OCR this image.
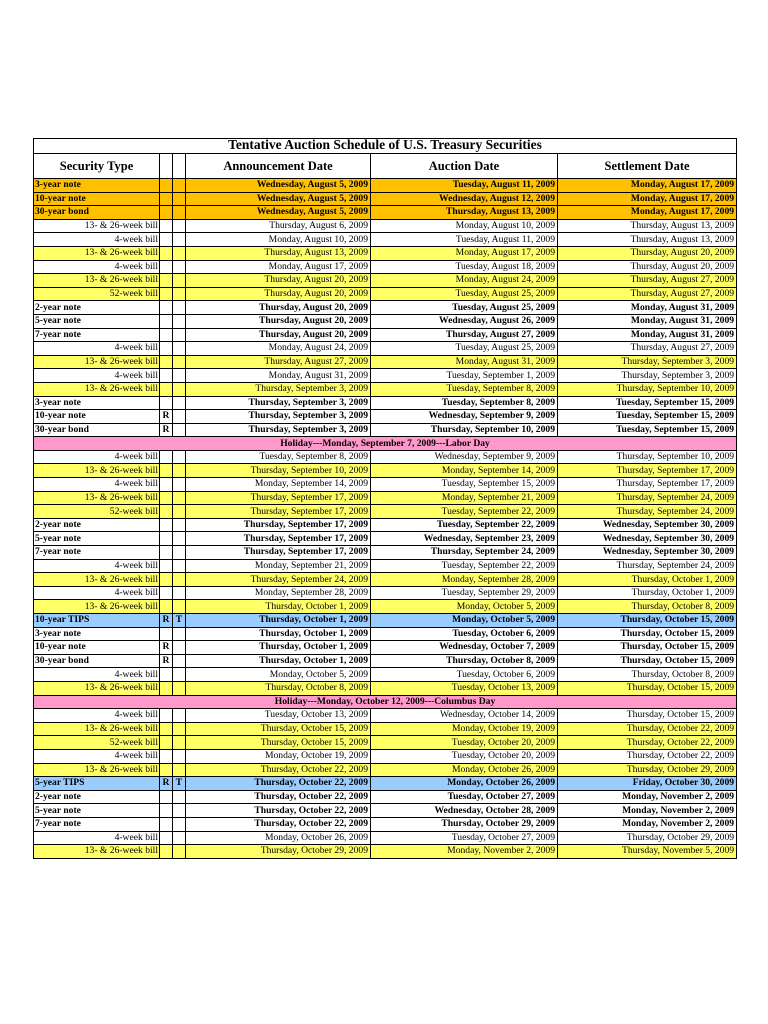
Tentative Auction Schedule of U.S. Treasury Securities					
Security Type			Announcement Date	Auction Date	Settlement Date
3-year note			Wednesday, August 5, 2009	Tuesday, August 11, 2009	Monday, August 17, 2009
10-year note			Wednesday, August 5, 2009	Wednesday, August 12, 2009	Monday, August 17, 2009
30-year bond			Wednesday, August 5, 2009	Thursday, August 13, 2009	Monday, August 17, 2009
13- & 26-week bill			Thursday, August 6, 2009	Monday, August 10, 2009	Thursday, August 13, 2009
4-week bill			Monday, August 10, 2009	Tuesday, August 11, 2009	Thursday, August 13, 2009
13- & 26-week bill			Thursday, August 13, 2009	Monday, August 17, 2009	Thursday, August 20, 2009
4-week bill			Monday, August 17, 2009	Tuesday, August 18, 2009	Thursday, August 20, 2009
13- & 26-week bill			Thursday, August 20, 2009	Monday, August 24, 2009	Thursday, August 27, 2009
52-week bill			Thursday, August 20, 2009	Tuesday, August 25, 2009	Thursday, August 27, 2009
2-year note			Thursday, August 20, 2009	Tuesday, August 25, 2009	Monday, August 31, 2009
5-year note			Thursday, August 20, 2009	Wednesday, August 26, 2009	Monday, August 31, 2009
7-year note			Thursday, August 20, 2009	Thursday, August 27, 2009	Monday, August 31, 2009
4-week bill			Monday, August 24, 2009	Tuesday, August 25, 2009	Thursday, August 27, 2009
13- & 26-week bill			Thursday, August 27, 2009	Monday, August 31, 2009	Thursday, September 3, 2009
4-week bill			Monday, August 31, 2009	Tuesday, September 1, 2009	Thursday, September 3, 2009
13- & 26-week bill			Thursday, September 3, 2009	Tuesday, September 8, 2009	Thursday, September 10, 2009
3-year note			Thursday, September 3, 2009	Tuesday, September 8, 2009	Tuesday, September 15, 2009
10-year note	R		Thursday, September 3, 2009	Wednesday, September 9, 2009	Tuesday, September 15, 2009
30-year bond	R		Thursday, September 3, 2009	Thursday, September 10, 2009	Tuesday, September 15, 2009
Holiday---Monday, September 7, 2009---Labor Day					
4-week bill			Tuesday, September 8, 2009	Wednesday, September 9, 2009	Thursday, September 10, 2009
13- & 26-week bill			Thursday, September 10, 2009	Monday, September 14, 2009	Thursday, September 17, 2009
4-week bill			Monday, September 14, 2009	Tuesday, September 15, 2009	Thursday, September 17, 2009
13- & 26-week bill			Thursday, September 17, 2009	Monday, September 21, 2009	Thursday, September 24, 2009
52-week bill			Thursday, September 17, 2009	Tuesday, September 22, 2009	Thursday, September 24, 2009
2-year note			Thursday, September 17, 2009	Tuesday, September 22, 2009	Wednesday, September 30, 2009
5-year note			Thursday, September 17, 2009	Wednesday, September 23, 2009	Wednesday, September 30, 2009
7-year note			Thursday, September 17, 2009	Thursday, September 24, 2009	Wednesday, September 30, 2009
4-week bill			Monday, September 21, 2009	Tuesday, September 22, 2009	Thursday, September 24, 2009
13- & 26-week bill			Thursday, September 24, 2009	Monday, September 28, 2009	Thursday, October 1, 2009
4-week bill			Monday, September 28, 2009	Tuesday, September 29, 2009	Thursday, October 1, 2009
13- & 26-week bill			Thursday, October 1, 2009	Monday, October 5, 2009	Thursday, October 8, 2009
10-year TIPS	R	T	Thursday, October 1, 2009	Monday, October 5, 2009	Thursday, October 15, 2009
3-year note			Thursday, October 1, 2009	Tuesday, October 6, 2009	Thursday, October 15, 2009
10-year note	R		Thursday, October 1, 2009	Wednesday, October 7, 2009	Thursday, October 15, 2009
30-year bond	R		Thursday, October 1, 2009	Thursday, October 8, 2009	Thursday, October 15, 2009
4-week bill			Monday, October 5, 2009	Tuesday, October 6, 2009	Thursday, October 8, 2009
13- & 26-week bill			Thursday, October 8, 2009	Tuesday, October 13, 2009	Thursday, October 15, 2009
Holiday---Monday, October 12, 2009---Columbus Day					
4-week bill			Tuesday, October 13, 2009	Wednesday, October 14, 2009	Thursday, October 15, 2009
13- & 26-week bill			Thursday, October 15, 2009	Monday, October 19, 2009	Thursday, October 22, 2009
52-week bill			Thursday, October 15, 2009	Tuesday, October 20, 2009	Thursday, October 22, 2009
4-week bill			Monday, October 19, 2009	Tuesday, October 20, 2009	Thursday, October 22, 2009
13- & 26-week bill			Thursday, October 22, 2009	Monday, October 26, 2009	Thursday, October 29, 2009
5-year TIPS	R	T	Thursday, October 22, 2009	Monday, October 26, 2009	Friday, October 30, 2009
2-year note			Thursday, October 22, 2009	Tuesday, October 27, 2009	Monday, November 2, 2009
5-year note			Thursday, October 22, 2009	Wednesday, October 28, 2009	Monday, November 2, 2009
7-year note			Thursday, October 22, 2009	Thursday, October 29, 2009	Monday, November 2, 2009
4-week bill			Monday, October 26, 2009	Tuesday, October 27, 2009	Thursday, October 29, 2009
13- & 26-week bill			Thursday, October 29, 2009	Monday, November 2, 2009	Thursday, November 5, 2009
